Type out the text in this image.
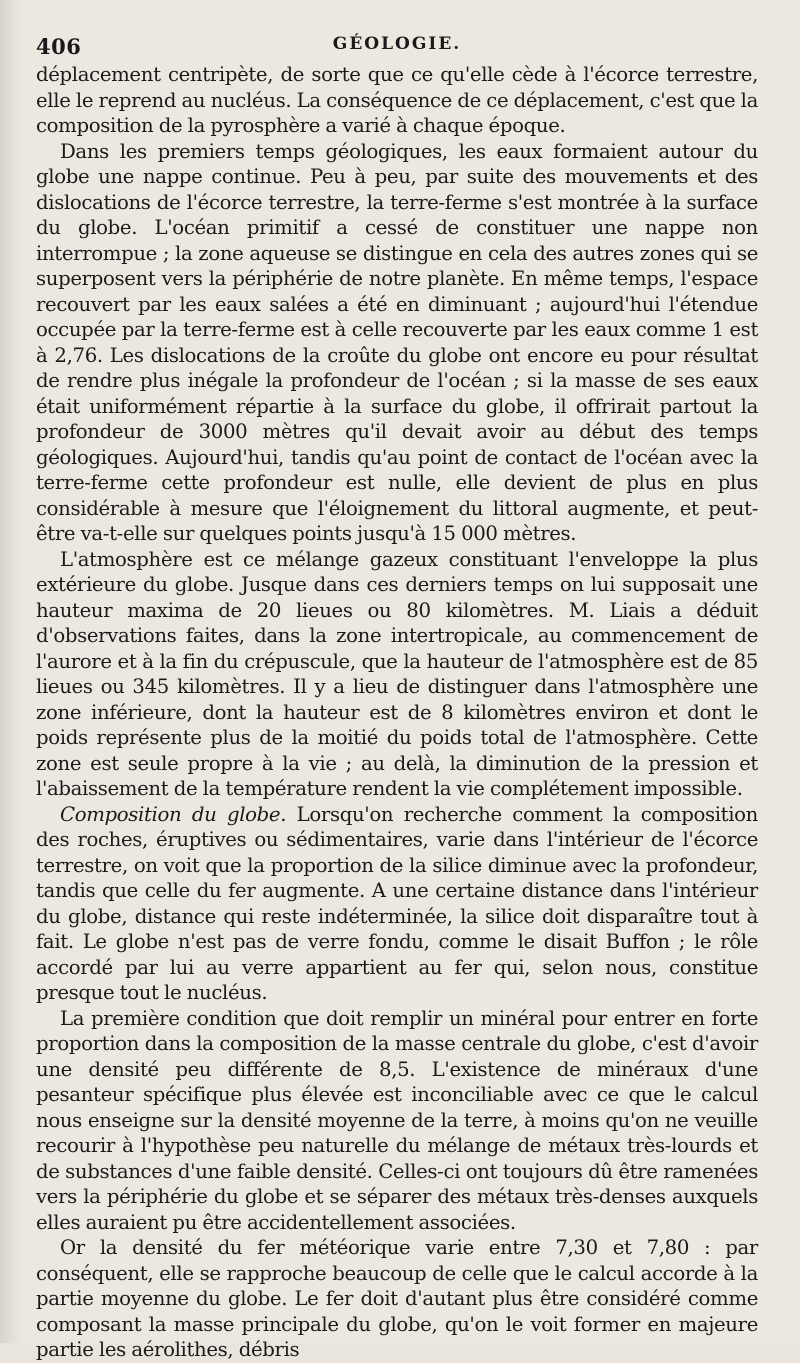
406	GÉOLOGIE.

déplacement centripète, de sorte que ce qu'elle cède à l'écorce terrestre, elle le reprend au nucléus. La conséquence de ce déplacement, c'est que la composition de la pyrosphère a varié à chaque époque.

Dans les premiers temps géologiques, les eaux formaient autour du globe une nappe continue. Peu à peu, par suite des mouvements et des dislocations de l'écorce terrestre, la terre-ferme s'est montrée à la surface du globe. L'océan primitif a cessé de constituer une nappe non interrompue ; la zone aqueuse se distingue en cela des autres zones qui se superposent vers la périphérie de notre planète. En même temps, l'espace recouvert par les eaux salées a été en diminuant ; aujourd'hui l'étendue occupée par la terre-ferme est à celle recouverte par les eaux comme 1 est à 2,76. Les dislocations de la croûte du globe ont encore eu pour résultat de rendre plus inégale la profondeur de l'océan ; si la masse de ses eaux était uniformément répartie à la surface du globe, il offrirait partout la profondeur de 3000 mètres qu'il devait avoir au début des temps géologiques. Aujourd'hui, tandis qu'au point de contact de l'océan avec la terre-ferme cette profondeur est nulle, elle devient de plus en plus considérable à mesure que l'éloignement du littoral augmente, et peut-être va-t-elle sur quelques points jusqu'à 15 000 mètres.

L'atmosphère est ce mélange gazeux constituant l'enveloppe la plus extérieure du globe. Jusque dans ces derniers temps on lui supposait une hauteur maxima de 20 lieues ou 80 kilomètres. M. Liais a déduit d'observations faites, dans la zone intertropicale, au commencement de l'aurore et à la fin du crépuscule, que la hauteur de l'atmosphère est de 85 lieues ou 345 kilomètres. Il y a lieu de distinguer dans l'atmosphère une zone inférieure, dont la hauteur est de 8 kilomètres environ et dont le poids représente plus de la moitié du poids total de l'atmosphère. Cette zone est seule propre à la vie ; au delà, la diminution de la pression et l'abaissement de la température rendent la vie complétement impossible.

Composition du globe. Lorsqu'on recherche comment la composition des roches, éruptives ou sédimentaires, varie dans l'intérieur de l'écorce terrestre, on voit que la proportion de la silice diminue avec la profondeur, tandis que celle du fer augmente. A une certaine distance dans l'intérieur du globe, distance qui reste indéterminée, la silice doit disparaître tout à fait. Le globe n'est pas de verre fondu, comme le disait Buffon ; le rôle accordé par lui au verre appartient au fer qui, selon nous, constitue presque tout le nucléus.

La première condition que doit remplir un minéral pour entrer en forte proportion dans la composition de la masse centrale du globe, c'est d'avoir une densité peu différente de 8,5. L'existence de minéraux d'une pesanteur spécifique plus élevée est inconciliable avec ce que le calcul nous enseigne sur la densité moyenne de la terre, à moins qu'on ne veuille recourir à l'hypothèse peu naturelle du mélange de métaux très-lourds et de substances d'une faible densité. Celles-ci ont toujours dû être ramenées vers la périphérie du globe et se séparer des métaux très-denses auxquels elles auraient pu être accidentellement associées.

Or la densité du fer météorique varie entre 7,30 et 7,80 : par conséquent, elle se rapproche beaucoup de celle que le calcul accorde à la partie moyenne du globe. Le fer doit d'autant plus être considéré comme composant la masse principale du globe, qu'on le voit former en majeure partie les aérolithes, débris
